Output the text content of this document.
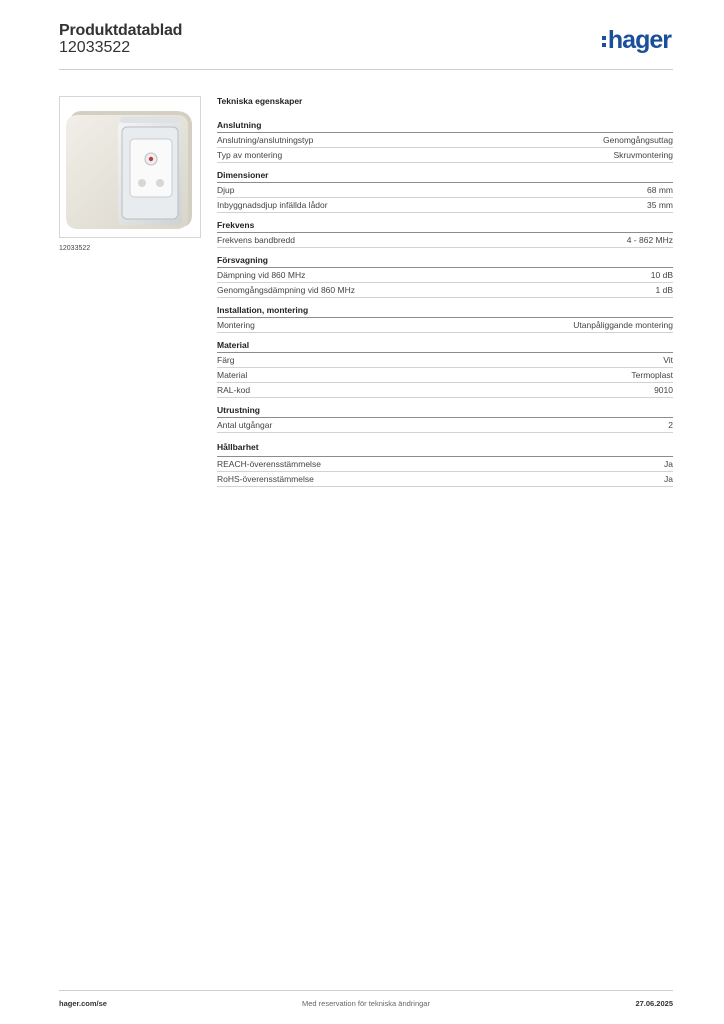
Produktdatablad
12033522	hager
12033522
Tekniska egenskaper
Anslutning
Anslutning/anslutningstyp	Genomgångsuttag
Typ av montering	Skruvmontering
Dimensioner
Djup	68 mm
Inbyggnadsdjup infällda lådor	35 mm
Frekvens
Frekvens bandbredd	4 - 862 MHz
Försvagning
Dämpning vid 860 MHz	10 dB
Genomgångsdämpning vid 860 MHz	1 dB
Installation, montering
Montering	Utanpåliggande montering
Material
Färg	Vit
Material	Termoplast
RAL-kod	9010
Utrustning
Antal utgångar	2
Hållbarhet
REACH-överensstämmelse	Ja
RoHS-överensstämmelse	Ja
hager.com/se	Med reservation för tekniska ändringar	27.06.2025
